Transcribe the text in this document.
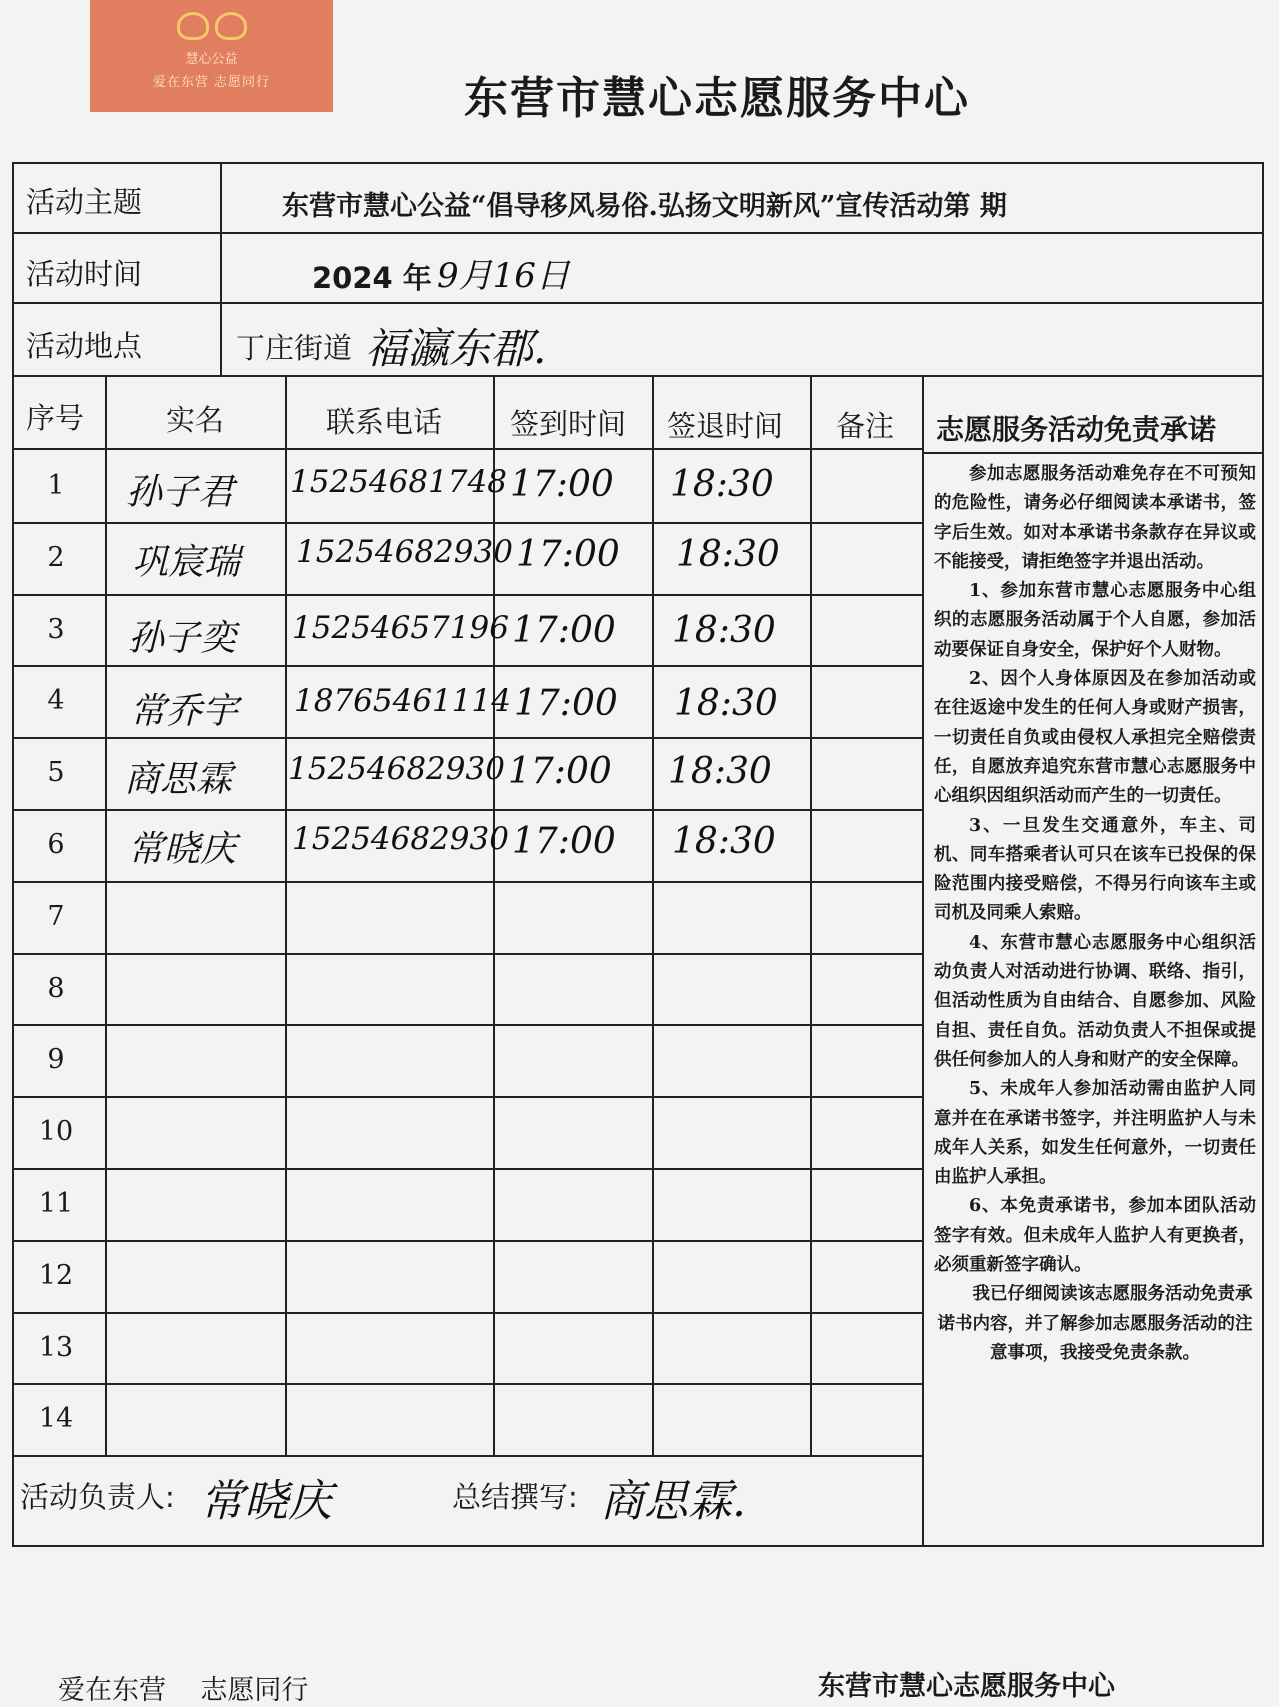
慧心公益
爱在东营 志愿同行	东营市慧心志愿服务中心
活动主题	东营市慧心公益“倡导移风易俗.弘扬文明新风”宣传活动第 期
活动时间	2024 年 9月16日
活动地点	丁庄街道 福瀛东郡.
序号	实名	联系电话 签到时间 签退时间 备注 志愿服务活动免责承诺
1	孙子君 15254681748 17:00 18:30
2	巩宸瑞 15254682930 17:00 18:30
3	孙子奕 15254657196 17:00 18:30
4	常乔宇 18765461114 17:00 18:30
5	商思霖 15254682930 17:00 18:30
6	常晓庆 15254682930 17:00 18:30
7
8
9
10
11
12
13
14

参加志愿服务活动难免存在不可预知的危险性，请务必仔细阅读本承诺书，签字后生效。如对本承诺书条款存在异议或不能接受，请拒绝签字并退出活动。

1、参加东营市慧心志愿服务中心组织的志愿服务活动属于个人自愿，参加活动要保证自身安全，保护好个人财物。

2、因个人身体原因及在参加活动或在往返途中发生的任何人身或财产损害，一切责任自负或由侵权人承担完全赔偿责任，自愿放弃追究东营市慧心志愿服务中心组织因组织活动而产生的一切责任。

3、一旦发生交通意外，车主、司机、同车搭乘者认可只在该车已投保的保险范围内接受赔偿，不得另行向该车主或司机及同乘人索赔。

4、东营市慧心志愿服务中心组织活动负责人对活动进行协调、联络、指引，但活动性质为自由结合、自愿参加、风险自担、责任自负。活动负责人不担保或提供任何参加人的人身和财产的安全保障。

5、未成年人参加活动需由监护人同意并在在承诺书签字，并注明监护人与未成年人关系，如发生任何意外，一切责任由监护人承担。

6、本免责承诺书，参加本团队活动签字有效。但未成年人监护人有更换者，必须重新签字确认。

我已仔细阅读该志愿服务活动免责承诺书内容，并了解参加志愿服务活动的注意事项，我接受免责条款。

活动负责人: 常晓庆	总结撰写: 商思霖.
爱在东营    志愿同行	东营市慧心志愿服务中心
